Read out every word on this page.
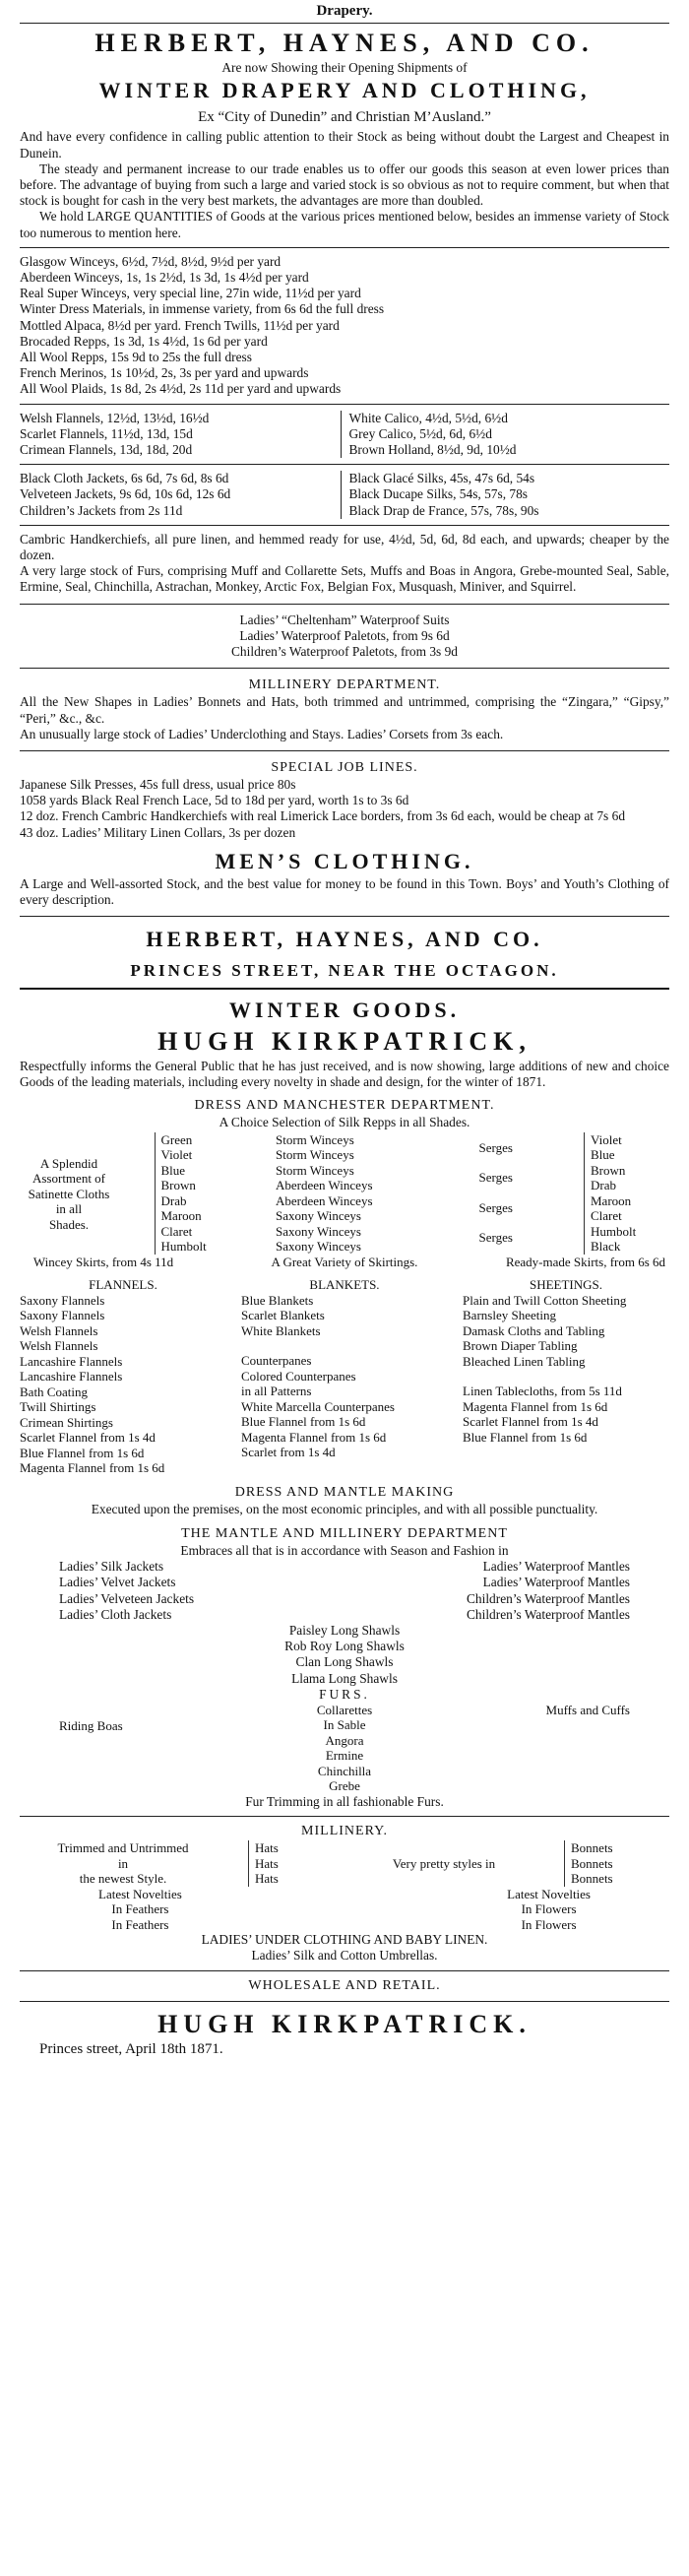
Drapery.
HERBERT, HAYNES, AND CO.
Are now Showing their Opening Shipments of
WINTER DRAPERY AND CLOTHING,
Ex “City of Dunedin” and Christian M’Ausland.”
And have every confidence in calling public attention to their Stock as being without doubt the Largest and Cheapest in Dunein.
The steady and permanent increase to our trade enables us to offer our goods this season at even lower prices than before. The advantage of buying from such a large and varied stock is so obvious as not to require comment, but when that stock is bought for cash in the very best markets, the advantages are more than doubled.
We hold LARGE QUANTITIES of Goods at the various prices mentioned below, besides an immense variety of Stock too numerous to mention here.
Glasgow Winceys, 6½d, 7½d, 8½d, 9½d per yard
Aberdeen Winceys, 1s, 1s 2½d, 1s 3d, 1s 4½d per yard
Real Super Winceys, very special line, 27in wide, 11½d per yard
Winter Dress Materials, in immense variety, from 6s 6d the full dress
Mottled Alpaca, 8½d per yard. French Twills, 11½d per yard
Brocaded Repps, 1s 3d, 1s 4½d, 1s 6d per yard
All Wool Repps, 15s 9d to 25s the full dress
French Merinos, 1s 10½d, 2s, 3s per yard and upwards
All Wool Plaids, 1s 8d, 2s 4½d, 2s 11d per yard and upwards
Welsh Flannels, 12½d, 13½d, 16½d
Scarlet Flannels, 11½d, 13d, 15d
Crimean Flannels, 13d, 18d, 20d
White Calico, 4½d, 5½d, 6½d
Grey Calico, 5½d, 6d, 6½d
Brown Holland, 8½d, 9d, 10½d
Black Cloth Jackets, 6s 6d, 7s 6d, 8s 6d
Velveteen Jackets, 9s 6d, 10s 6d, 12s 6d
Children’s Jackets from 2s 11d
Black Glacé Silks, 45s, 47s 6d, 54s
Black Ducape Silks, 54s, 57s, 78s
Black Drap de France, 57s, 78s, 90s
Cambric Handkerchiefs, all pure linen, and hemmed ready for use, 4½d, 5d, 6d, 8d each, and upwards; cheaper by the dozen.
A very large stock of Furs, comprising Muff and Collarette Sets, Muffs and Boas in Angora, Grebe-mounted Seal, Sable, Ermine, Seal, Chinchilla, Astrachan, Monkey, Arctic Fox, Belgian Fox, Musquash, Miniver, and Squirrel.
Ladies’ “Cheltenham” Waterproof Suits
Ladies’ Waterproof Paletots, from 9s 6d
Children’s Waterproof Paletots, from 3s 9d
MILLINERY DEPARTMENT.
All the New Shapes in Ladies’ Bonnets and Hats, both trimmed and untrimmed, comprising the “Zingara,” “Gipsy,” “Peri,” &c., &c.
An unusually large stock of Ladies’ Underclothing and Stays. Ladies’ Corsets from 3s each.
SPECIAL JOB LINES.
Japanese Silk Presses, 45s full dress, usual price 80s
1058 yards Black Real French Lace, 5d to 18d per yard, worth 1s to 3s 6d
12 doz. French Cambric Handkerchiefs with real Limerick Lace borders, from 3s 6d each, would be cheap at 7s 6d
43 doz. Ladies’ Military Linen Collars, 3s per dozen
MEN’S CLOTHING.
A Large and Well-assorted Stock, and the best value for money to be found in this Town. Boys’ and Youth’s Clothing of every description.
HERBERT, HAYNES, AND CO.
PRINCES STREET, NEAR THE OCTAGON.
WINTER GOODS.
HUGH KIRKPATRICK,
Respectfully informs the General Public that he has just received, and is now showing, large additions of new and choice Goods of the leading materials, including every novelty in shade and design, for the winter of 1871.
DRESS AND MANCHESTER DEPARTMENT.
A Choice Selection of Silk Repps in all Shades.
A Splendid
Assortment of
Satinette Cloths
in all
Shades.
Green
Violet
Blue
Brown
Drab
Maroon
Claret
Humbolt
Storm Winceys
Storm Winceys
Storm Winceys
Aberdeen Winceys
Aberdeen Winceys
Saxony Winceys
Saxony Winceys
Saxony Winceys
Serges
Serges
Serges
Serges
Violet
Blue
Brown
Drab
Maroon
Claret
Humbolt
Black
Wincey Skirts, from 4s 11d	A Great Variety of Skirtings.	Ready-made Skirts, from 6s 6d
FLANNELS.
Saxony Flannels
Saxony Flannels
Welsh Flannels
Welsh Flannels
Lancashire Flannels
Lancashire Flannels
Bath Coating
Twill Shirtings
Crimean Shirtings
Scarlet Flannel from 1s 4d
Blue Flannel from 1s 6d
Magenta Flannel from 1s 6d
BLANKETS.
Blue Blankets
Scarlet Blankets
White Blankets
Counterpanes
Colored Counterpanes
in all Patterns
White Marcella Counterpanes
Blue Flannel from 1s 6d
Magenta Flannel from 1s 6d
Scarlet from 1s 4d
SHEETINGS.
Plain and Twill Cotton Sheeting
Barnsley Sheeting
Damask Cloths and Tabling
Brown Diaper Tabling
Bleached Linen Tabling
Linen Tablecloths, from 5s 11d
Magenta Flannel from 1s 6d
Scarlet Flannel from 1s 4d
Blue Flannel from 1s 6d
DRESS AND MANTLE MAKING
Executed upon the premises, on the most economic principles, and with all possible punctuality.
THE MANTLE AND MILLINERY DEPARTMENT
Embraces all that is in accordance with Season and Fashion in
Ladies’ Silk Jackets
Ladies’ Velvet Jackets
Ladies’ Velveteen Jackets
Ladies’ Cloth Jackets
Ladies’ Waterproof Mantles
Ladies’ Waterproof Mantles
Children’s Waterproof Mantles
Children’s Waterproof Mantles
Paisley Long Shawls
Rob Roy Long Shawls
Clan Long Shawls
Llama Long Shawls
FURS.
Riding Boas
Collarettes
In Sable
Angora
Ermine
Chinchilla
Grebe
Muffs and Cuffs
Fur Trimming in all fashionable Furs.
MILLINERY.
Trimmed and Untrimmed
in
the newest Style.
Hats
Hats
Hats
Very pretty styles in
Bonnets
Bonnets
Bonnets
Latest Novelties
In Feathers
In Feathers
Latest Novelties
In Flowers
In Flowers
LADIES’ UNDER CLOTHING AND BABY LINEN.
Ladies’ Silk and Cotton Umbrellas.
WHOLESALE AND RETAIL.
HUGH KIRKPATRICK.
Princes street, April 18th 1871.
